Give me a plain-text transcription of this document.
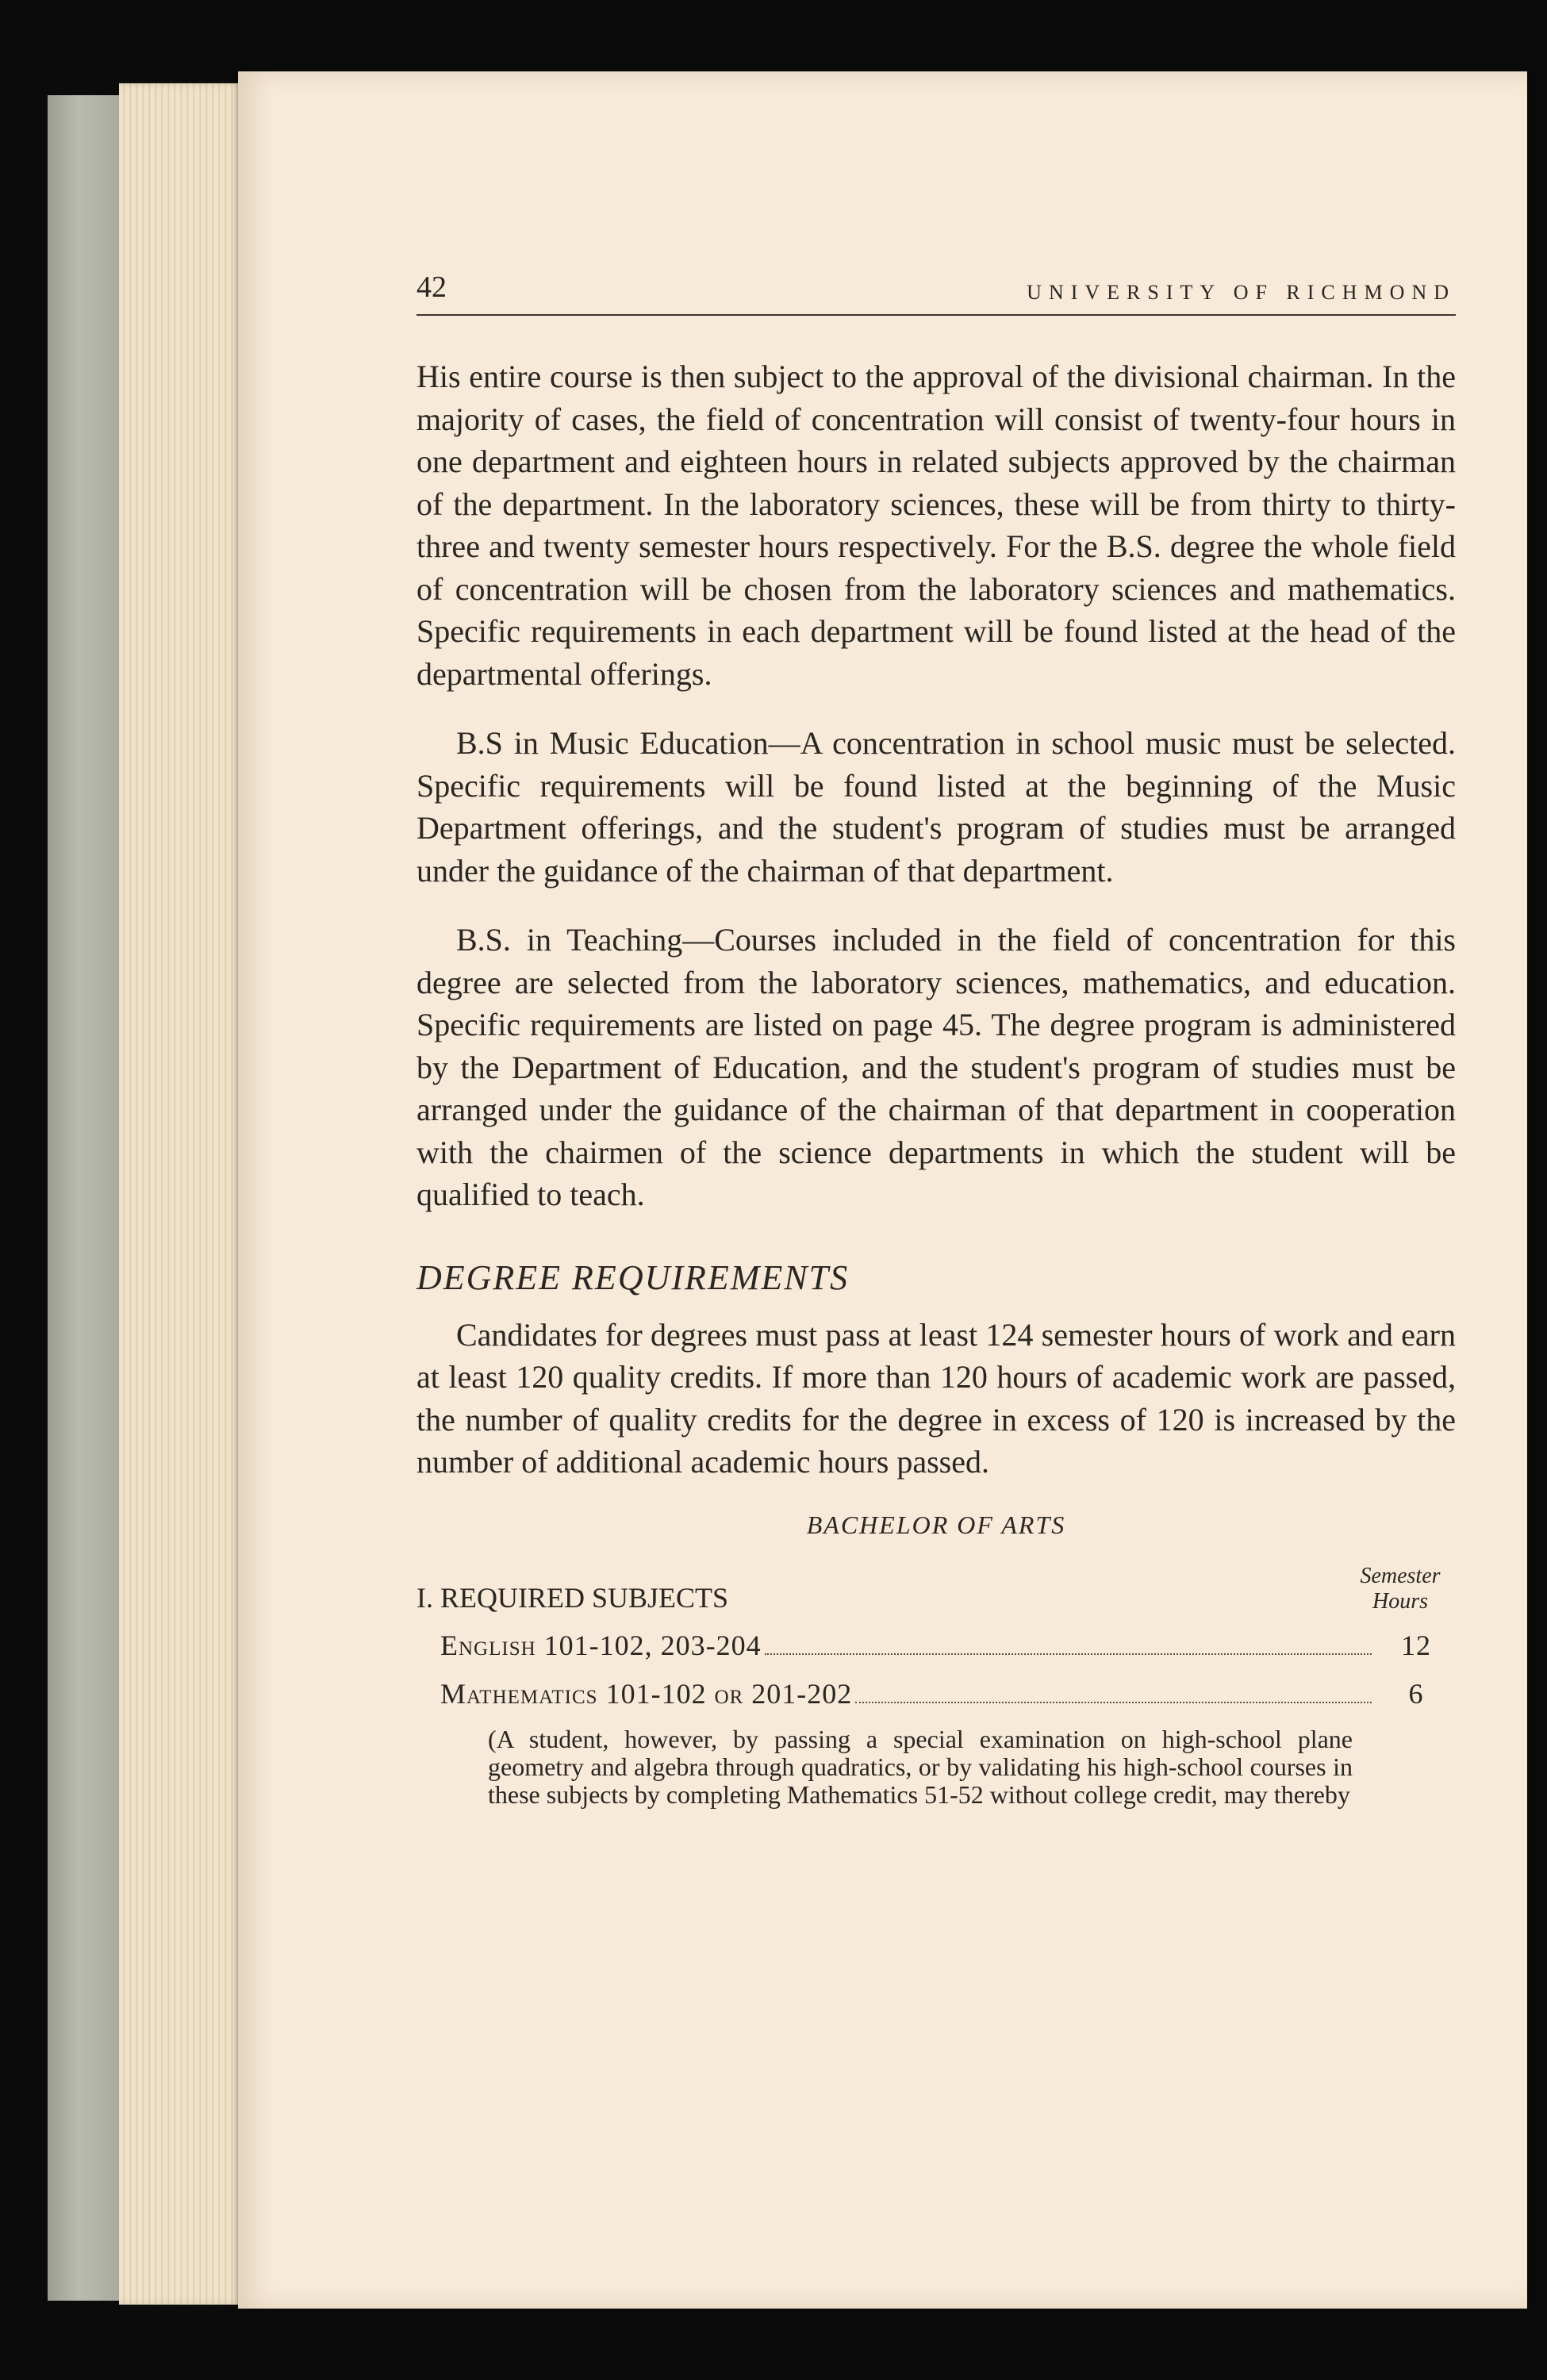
42	UNIVERSITY OF RICHMOND

His entire course is then subject to the approval of the divisional chairman. In the majority of cases, the field of concentration will consist of twenty-four hours in one department and eighteen hours in related subjects approved by the chairman of the department. In the laboratory sciences, these will be from thirty to thirty-three and twenty semester hours respectively. For the B.S. degree the whole field of concentration will be chosen from the laboratory sciences and mathematics. Specific requirements in each department will be found listed at the head of the departmental offerings.

B.S in Music Education—A concentration in school music must be selected. Specific requirements will be found listed at the beginning of the Music Department offerings, and the student's program of studies must be arranged under the guidance of the chairman of that department.

B.S. in Teaching—Courses included in the field of concentration for this degree are selected from the laboratory sciences, mathematics, and education. Specific requirements are listed on page 45. The degree program is administered by the Department of Education, and the student's program of studies must be arranged under the guidance of the chairman of that department in cooperation with the chairmen of the science departments in which the student will be qualified to teach.

DEGREE REQUIREMENTS

Candidates for degrees must pass at least 124 semester hours of work and earn at least 120 quality credits. If more than 120 hours of academic work are passed, the number of quality credits for the degree in excess of 120 is increased by the number of additional academic hours passed.

BACHELOR OF ARTS
I. REQUIRED SUBJECTS
Semester
Hours
English 101-102, 203-204	12
Mathematics 101-102 or 201-202	6
(A student, however, by passing a special examination on high-school plane geometry and algebra through quadratics, or by validating his high-school courses in these subjects by completing Mathematics 51-52 without college credit, may thereby
